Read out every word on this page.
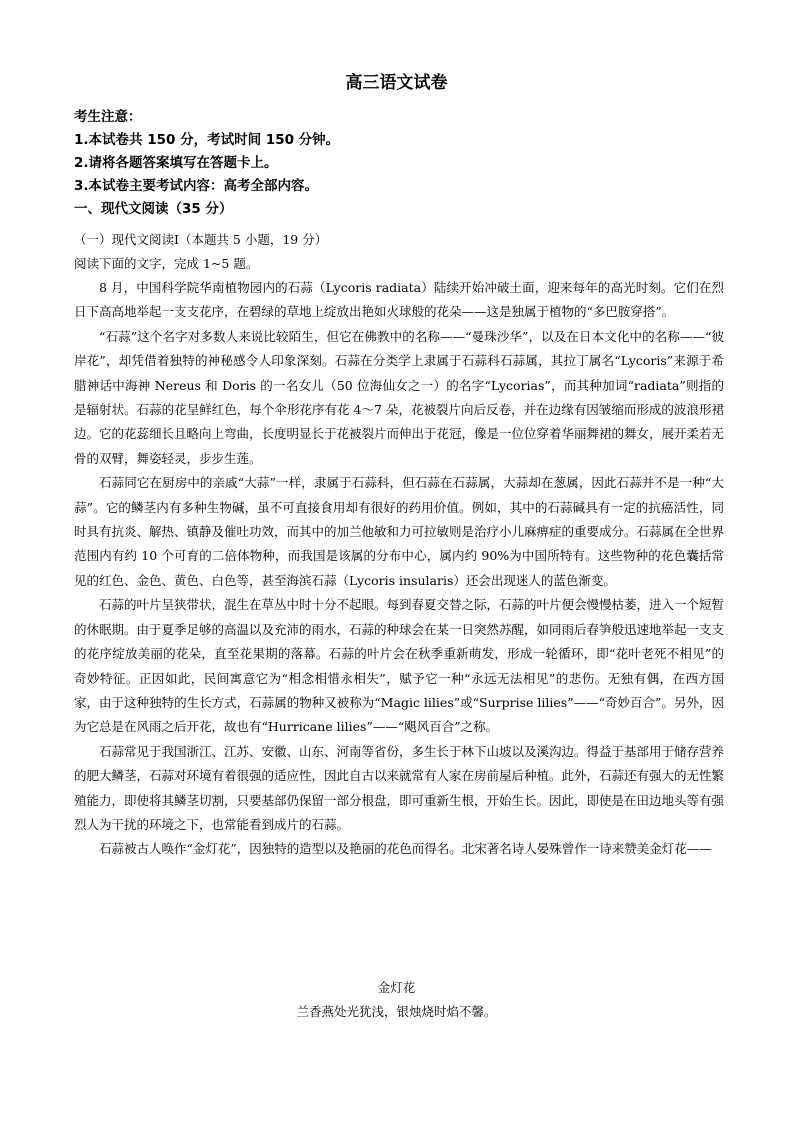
高三语文试卷
考生注意：
1.本试卷共 150 分，考试时间 150 分钟。
2.请将各题答案填写在答题卡上。
3.本试卷主要考试内容：高考全部内容。
一、现代文阅读（35 分）
（一）现代文阅读Ⅰ（本题共 5 小题，19 分）
阅读下面的文字，完成 1~5 题。

8 月，中国科学院华南植物园内的石蒜（Lycoris radiata）陆续开始冲破土面，迎来每年的高光时刻。它们在烈日下高高地举起一支支花序，在碧绿的草地上绽放出艳如火球般的花朵——这是独属于植物的“多巴胺穿搭”。

“石蒜”这个名字对多数人来说比较陌生，但它在佛教中的名称——“曼珠沙华”，以及在日本文化中的名称——“彼岸花”，却凭借着独特的神秘感令人印象深刻。石蒜在分类学上隶属于石蒜科石蒜属，其拉丁属名“Lycoris”来源于希腊神话中海神 Nereus 和 Doris 的一名女儿（50 位海仙女之一）的名字“Lycorias”，而其种加词“radiata”则指的是辐射状。石蒜的花呈鲜红色，每个伞形花序有花 4～7 朵，花被裂片向后反卷，并在边缘有因皱缩而形成的波浪形裙边。它的花蕊细长且略向上弯曲，长度明显长于花被裂片而伸出于花冠，像是一位位穿着华丽舞裙的舞女，展开柔若无骨的双臂，舞姿轻灵，步步生莲。

石蒜同它在厨房中的亲戚“大蒜”一样，隶属于石蒜科，但石蒜在石蒜属，大蒜却在葱属，因此石蒜并不是一种“大蒜”。它的鳞茎内有多种生物碱，虽不可直接食用却有很好的药用价值。例如，其中的石蒜碱具有一定的抗癌活性，同时具有抗炎、解热、镇静及催吐功效，而其中的加兰他敏和力可拉敏则是治疗小儿麻痹症的重要成分。石蒜属在全世界范围内有约 10 个可育的二倍体物种，而我国是该属的分布中心，属内约 90%为中国所特有。这些物种的花色囊括常见的红色、金色、黄色、白色等，甚至海滨石蒜（Lycoris insularis）还会出现迷人的蓝色渐变。

石蒜的叶片呈狭带状，混生在草丛中时十分不起眼。每到春夏交替之际，石蒜的叶片便会慢慢枯萎，进入一个短暂的休眠期。由于夏季足够的高温以及充沛的雨水，石蒜的种球会在某一日突然苏醒，如同雨后春笋般迅速地举起一支支的花序绽放美丽的花朵，直至花果期的落幕。石蒜的叶片会在秋季重新萌发，形成一轮循环，即“花叶老死不相见”的奇妙特征。正因如此，民间寓意它为“相念相惜永相失”，赋予它一种“永远无法相见”的悲伤。无独有偶，在西方国家，由于这种独特的生长方式，石蒜属的物种又被称为“Magic lilies”或“Surprise lilies”——“奇妙百合”。另外，因为它总是在风雨之后开花，故也有“Hurricane lilies”——“飓风百合”之称。

石蒜常见于我国浙江、江苏、安徽、山东、河南等省份，多生长于林下山坡以及溪沟边。得益于基部用于储存营养的肥大鳞茎，石蒜对环境有着很强的适应性，因此自古以来就常有人家在房前屋后种植。此外，石蒜还有强大的无性繁殖能力，即使将其鳞茎切割，只要基部仍保留一部分根盘，即可重新生根，开始生长。因此，即使是在田边地头等有强烈人为干扰的环境之下，也常能看到成片的石蒜。

石蒜被古人唤作“金灯花”，因独特的造型以及艳丽的花色而得名。北宋著名诗人晏殊曾作一诗来赞美金灯花——

金灯花
兰香燕处光犹浅，银烛烧时焰不馨。
